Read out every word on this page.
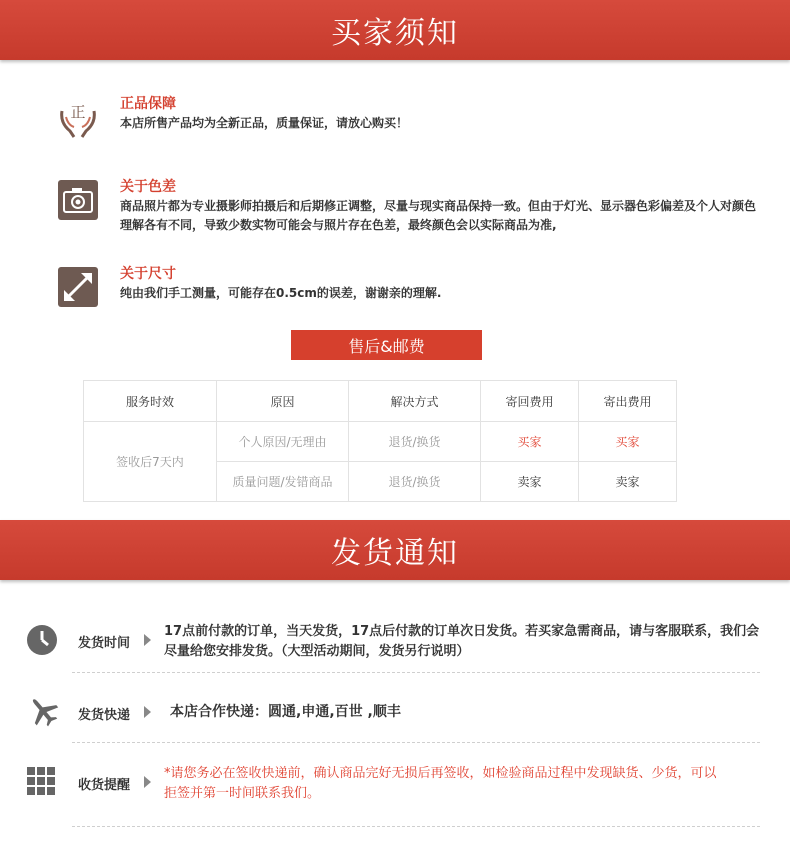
买家须知
正 正品保障
本店所售产品均为全新正品，质量保证，请放心购买！
关于色差
商品照片都为专业摄影师拍摄后和后期修正调整，尽量与现实商品保持一致。但由于灯光、显示器色彩偏差及个人对颜色理解各有不同，导致少数实物可能会与照片存在色差，最终颜色会以实际商品为准,
关于尺寸
纯由我们手工测量，可能存在0.5cm的误差，谢谢亲的理解.
售后&邮费
服务时效	原因	解决方式	寄回费用	寄出费用
签收后7天内	个人原因/无理由	退货/换货	买家	买家
	质量问题/发错商品	退货/换货	卖家	卖家
发货通知
发货时间
17点前付款的订单，当天发货，17点后付款的订单次日发货。若买家急需商品，请与客服联系，我们会尽量给您安排发货。（大型活动期间，发货另行说明）
发货快递	本店合作快递：圆通,申通,百世 ,顺丰
收货提醒
*请您务必在签收快递前，确认商品完好无损后再签收，如检验商品过程中发现缺货、少货，可以拒签并第一时间联系我们。
